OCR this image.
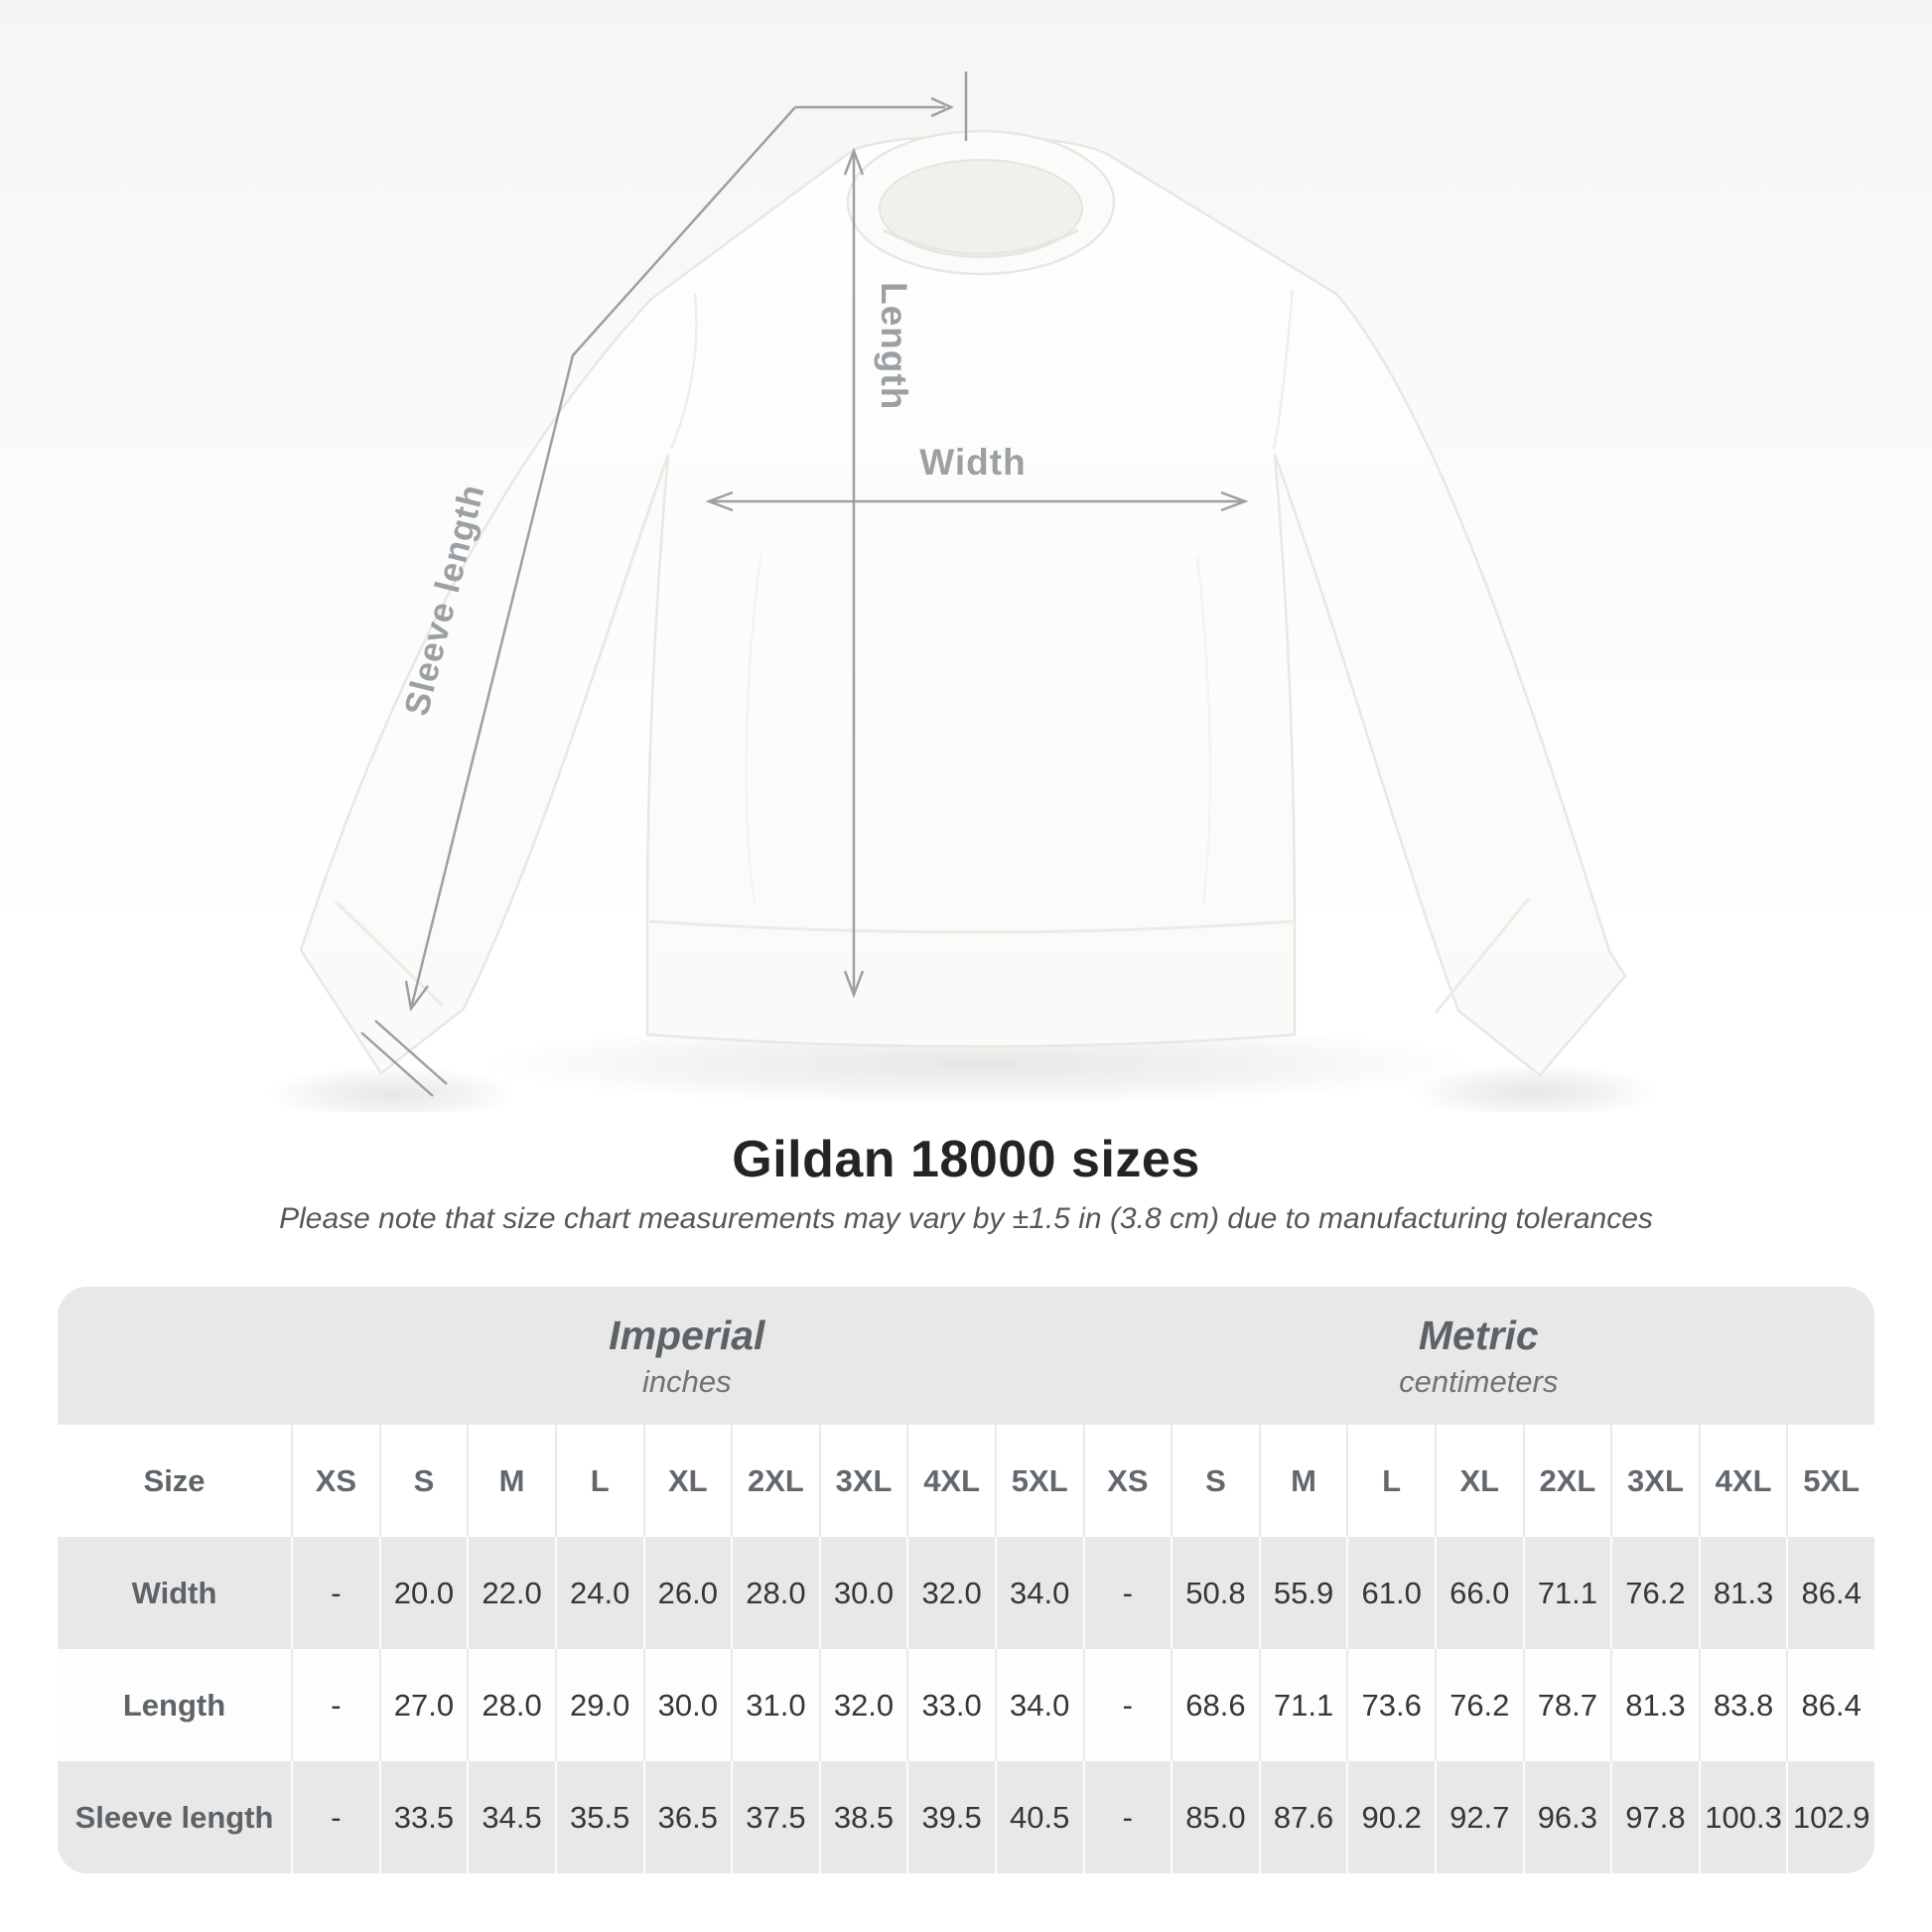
Length
Width
Sleeve length
Gildan 18000 sizes
Please note that size chart measurements may vary by ±1.5 in (3.8 cm) due to manufacturing tolerances
Imperial
inches
Metric
centimeters
Size	XS	S	M	L	XL	2XL	3XL	4XL	5XL	XS	S	M	L	XL	2XL	3XL	4XL	5XL
Width	-	20.0 22.0 24.0 26.0 28.0 30.0 32.0 34.0	-	50.8 55.9 61.0 66.0 71.1 76.2 81.3 86.4
Length	-	27.0 28.0 29.0 30.0 31.0 32.0 33.0 34.0	-	68.6 71.1 73.6 76.2 78.7 81.3 83.8 86.4
Sleeve length	-	33.5 34.5 35.5 36.5 37.5 38.5 39.5 40.5	-	85.0 87.6 90.2 92.7 96.3 97.8 100.3 102.9
